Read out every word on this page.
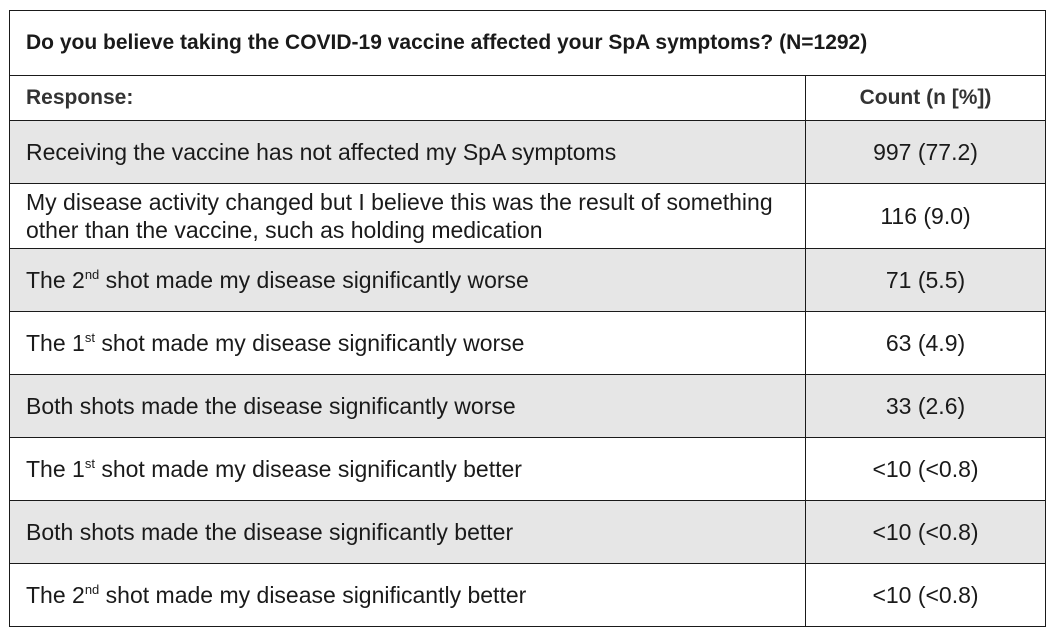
Do you believe taking the COVID-19 vaccine affected your SpA symptoms? (N=1292)	
Response:	Count (n [%])
Receiving the vaccine has not affected my SpA symptoms	997 (77.2)
My disease activity changed but I believe this was the result of something other than the vaccine, such as holding medication	116 (9.0)
The 2nd shot made my disease significantly worse	71 (5.5)
The 1st shot made my disease significantly worse	63 (4.9)
Both shots made the disease significantly worse	33 (2.6)
The 1st shot made my disease significantly better	<10 (<0.8)
Both shots made the disease significantly better	<10 (<0.8)
The 2nd shot made my disease significantly better	<10 (<0.8)
